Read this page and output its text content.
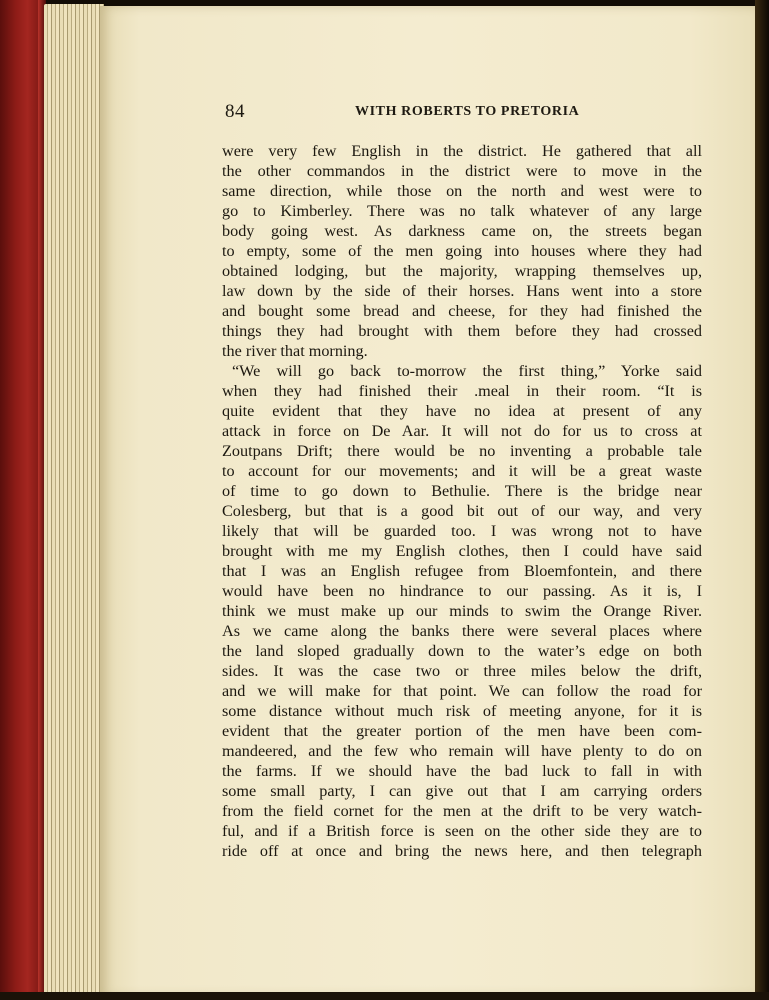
84	WITH ROBERTS TO PRETORIA
were very few English in the district. He gathered that all
the other commandos in the district were to move in the
same direction, while those on the north and west were to
go to Kimberley. There was no talk whatever of any large
body going west. As darkness came on, the streets began
to empty, some of the men going into houses where they had
obtained lodging, but the majority, wrapping themselves up,
law down by the side of their horses. Hans went into a store
and bought some bread and cheese, for they had finished the
things they had brought with them before they had crossed
the river that morning.
“We will go back to-morrow the first thing,” Yorke said
when they had finished their .meal in their room. “It is
quite evident that they have no idea at present of any
attack in force on De Aar. It will not do for us to cross at
Zoutpans Drift; there would be no inventing a probable tale
to account for our movements; and it will be a great waste
of time to go down to Bethulie. There is the bridge near
Colesberg, but that is a good bit out of our way, and very
likely that will be guarded too. I was wrong not to have
brought with me my English clothes, then I could have said
that I was an English refugee from Bloemfontein, and there
would have been no hindrance to our passing. As it is, I
think we must make up our minds to swim the Orange River.
As we came along the banks there were several places where
the land sloped gradually down to the water’s edge on both
sides. It was the case two or three miles below the drift,
and we will make for that point. We can follow the road for
some distance without much risk of meeting anyone, for it is
evident that the greater portion of the men have been com-
mandeered, and the few who remain will have plenty to do on
the farms. If we should have the bad luck to fall in with
some small party, I can give out that I am carrying orders
from the field cornet for the men at the drift to be very watch-
ful, and if a British force is seen on the other side they are to
ride off at once and bring the news here, and then telegraph
